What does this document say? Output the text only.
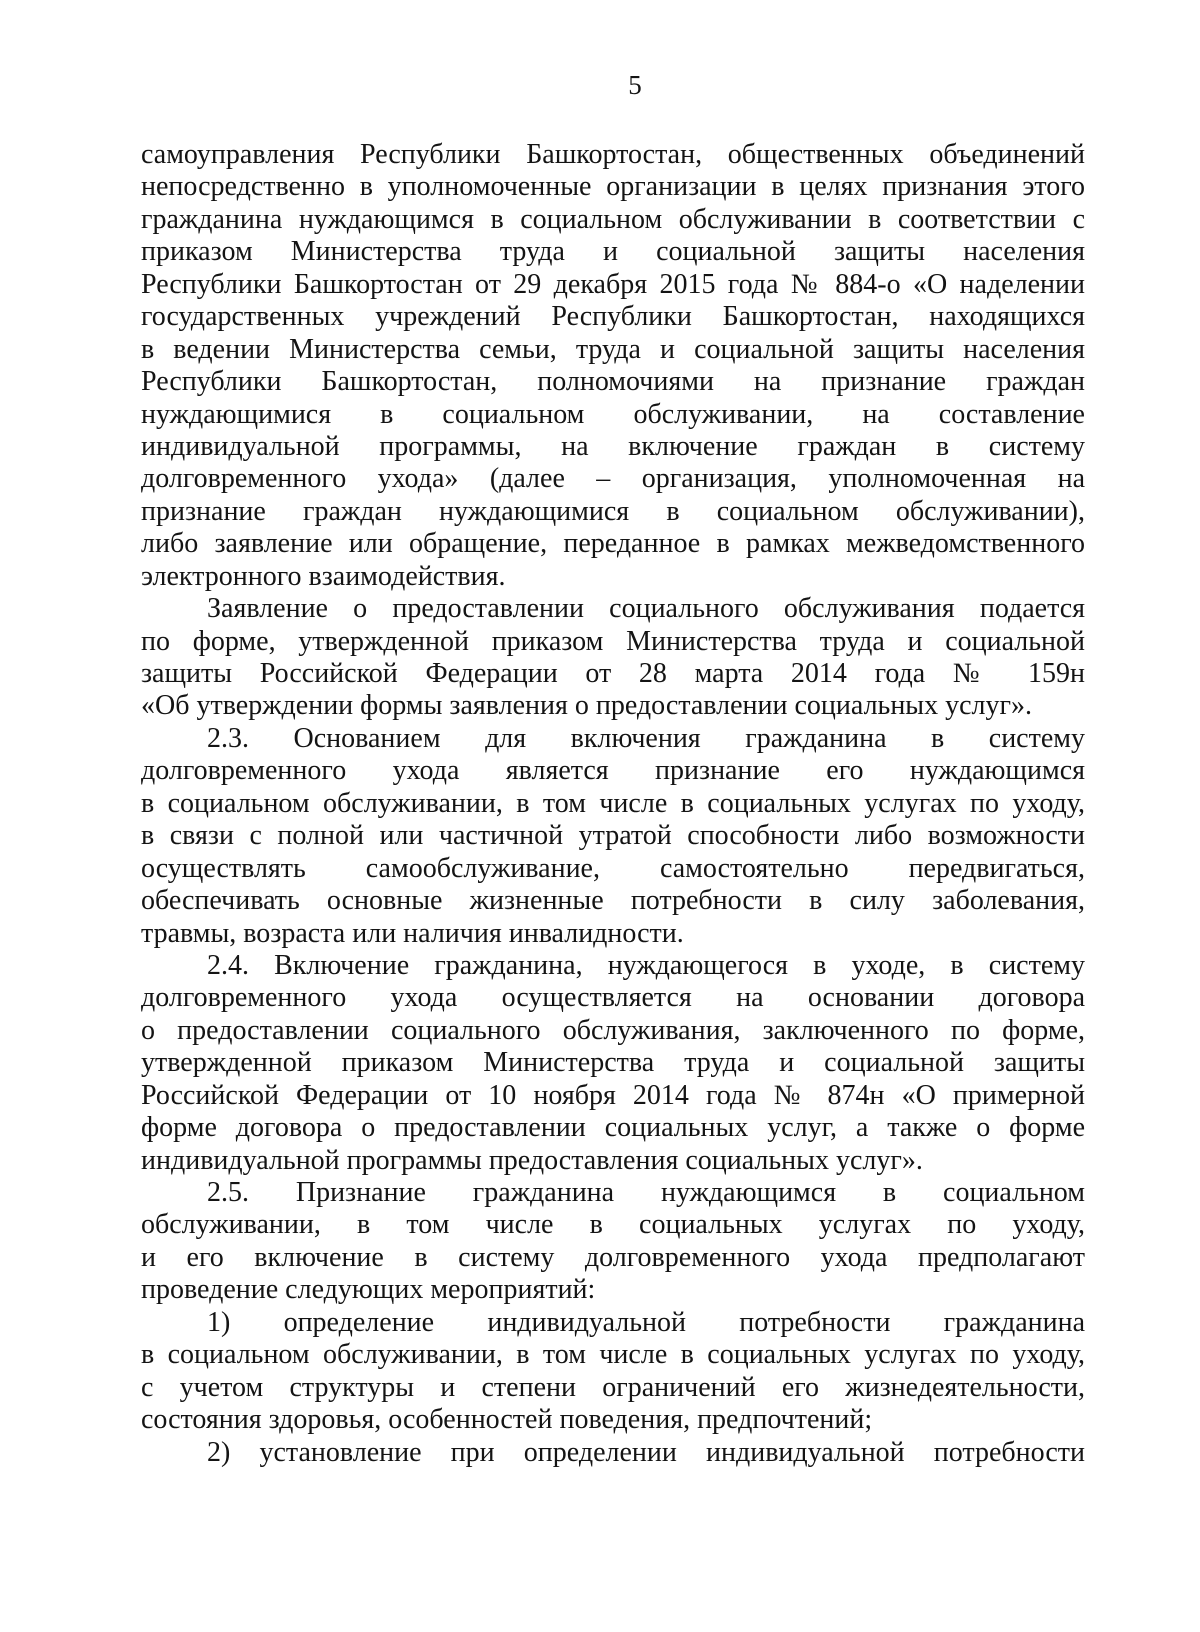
5
самоуправления Республики Башкортостан, общественных объединений
непосредственно в уполномоченные организации в целях признания этого
гражданина нуждающимся в социальном обслуживании в соответствии с
приказом Министерства труда и социальной защиты населения
Республики Башкортостан от 29 декабря 2015 года № 884-о «О наделении
государственных учреждений Республики Башкортостан, находящихся
в ведении Министерства семьи, труда и социальной защиты населения
Республики Башкортостан, полномочиями на признание граждан
нуждающимися в социальном обслуживании, на составление
индивидуальной программы, на включение граждан в систему
долговременного ухода» (далее – организация, уполномоченная на
признание граждан нуждающимися в социальном обслуживании),
либо заявление или обращение, переданное в рамках межведомственного
электронного взаимодействия.
Заявление о предоставлении социального обслуживания подается
по форме, утвержденной приказом Министерства труда и социальной
защиты Российской Федерации от 28 марта 2014 года № 159н
«Об утверждении формы заявления о предоставлении социальных услуг».
2.3. Основанием для включения гражданина в систему
долговременного ухода является признание его нуждающимся
в социальном обслуживании, в том числе в социальных услугах по уходу,
в связи с полной или частичной утратой способности либо возможности
осуществлять самообслуживание, самостоятельно передвигаться,
обеспечивать основные жизненные потребности в силу заболевания,
травмы, возраста или наличия инвалидности.
2.4. Включение гражданина, нуждающегося в уходе, в систему
долговременного ухода осуществляется на основании договора
о предоставлении социального обслуживания, заключенного по форме,
утвержденной приказом Министерства труда и социальной защиты
Российской Федерации от 10 ноября 2014 года № 874н «О примерной
форме договора о предоставлении социальных услуг, а также о форме
индивидуальной программы предоставления социальных услуг».
2.5. Признание гражданина нуждающимся в социальном
обслуживании, в том числе в социальных услугах по уходу,
и его включение в систему долговременного ухода предполагают
проведение следующих мероприятий:
1) определение индивидуальной потребности гражданина
в социальном обслуживании, в том числе в социальных услугах по уходу,
с учетом структуры и степени ограничений его жизнедеятельности,
состояния здоровья, особенностей поведения, предпочтений;
2) установление при определении индивидуальной потребности
